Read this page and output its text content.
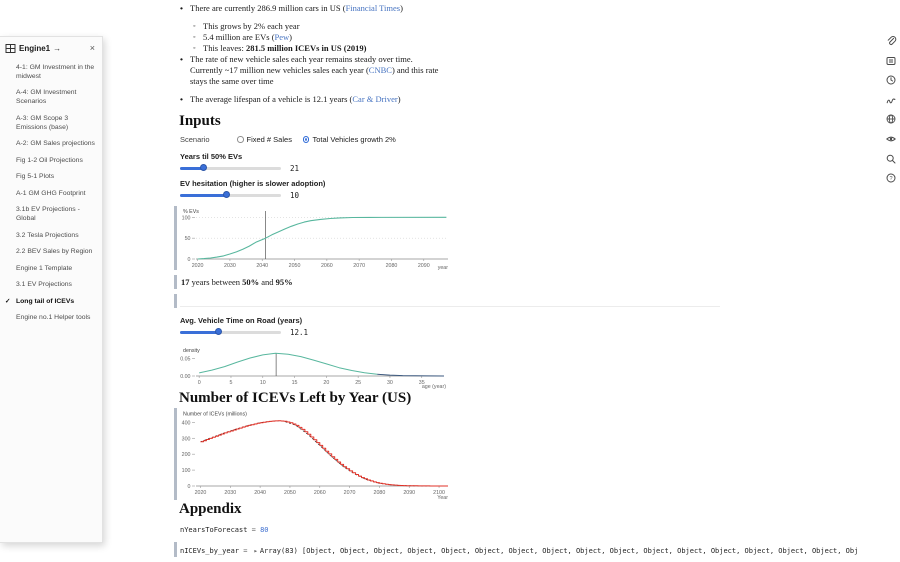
• There are currently 286.9 million cars in US (Financial Times)
◦ This grows by 2% each year
◦ 5.4 million are EVs (Pew)
◦ This leaves: 281.5 million ICEVs in US (2019)
• The rate of new vehicle sales each year remains steady over time. Currently ~17 million new vehicles sales each year (CNBC) and this rate stays the same over time
• The average lifespan of a vehicle is 12.1 years (Car & Driver)
Inputs
Scenario	Fixed # Sales	Total Vehicles growth 2%
Years til 50% EVs
21
EV hesitation (higher is slower adoption)
10
100
50
0
2020	2030	2040	2050	2060	2070	2080	2090
% EVs
year
17 years between 50% and 95%
Avg. Vehicle Time on Road (years)
12.1
0.05
0.00
0	5	10	15	20	25	30	35
density
age (year)
Number of ICEVs Left by Year (US)
400
300
200
100
0
2020	2030	2040	2050	2060	2070	2080	2090	2100
Number of ICEVs (millions)
Year
Appendix
nYearsToForecast = 80
nICEVs_by_year = ▸ Array(83) [Object, Object, Object, Object, Object, Object, Object, Object, Object, Object, Object, Object, Object, Object, Object, Object, Obj
Engine1 →	×
4-1: GM Investment in the midwest
A-4: GM Investment Scenarios
A-3: GM Scope 3 Emissions (base)
A-2: GM Sales projections
Fig 1-2 Oil Projections
Fig 5-1 Plots
A-1 GM GHG Footprint
3.1b EV Projections - Global
3.2 Tesla Projections
2.2 BEV Sales by Region
Engine 1 Template
3.1 EV Projections
✓ Long tail of ICEVs
Engine no.1 Helper tools
?
